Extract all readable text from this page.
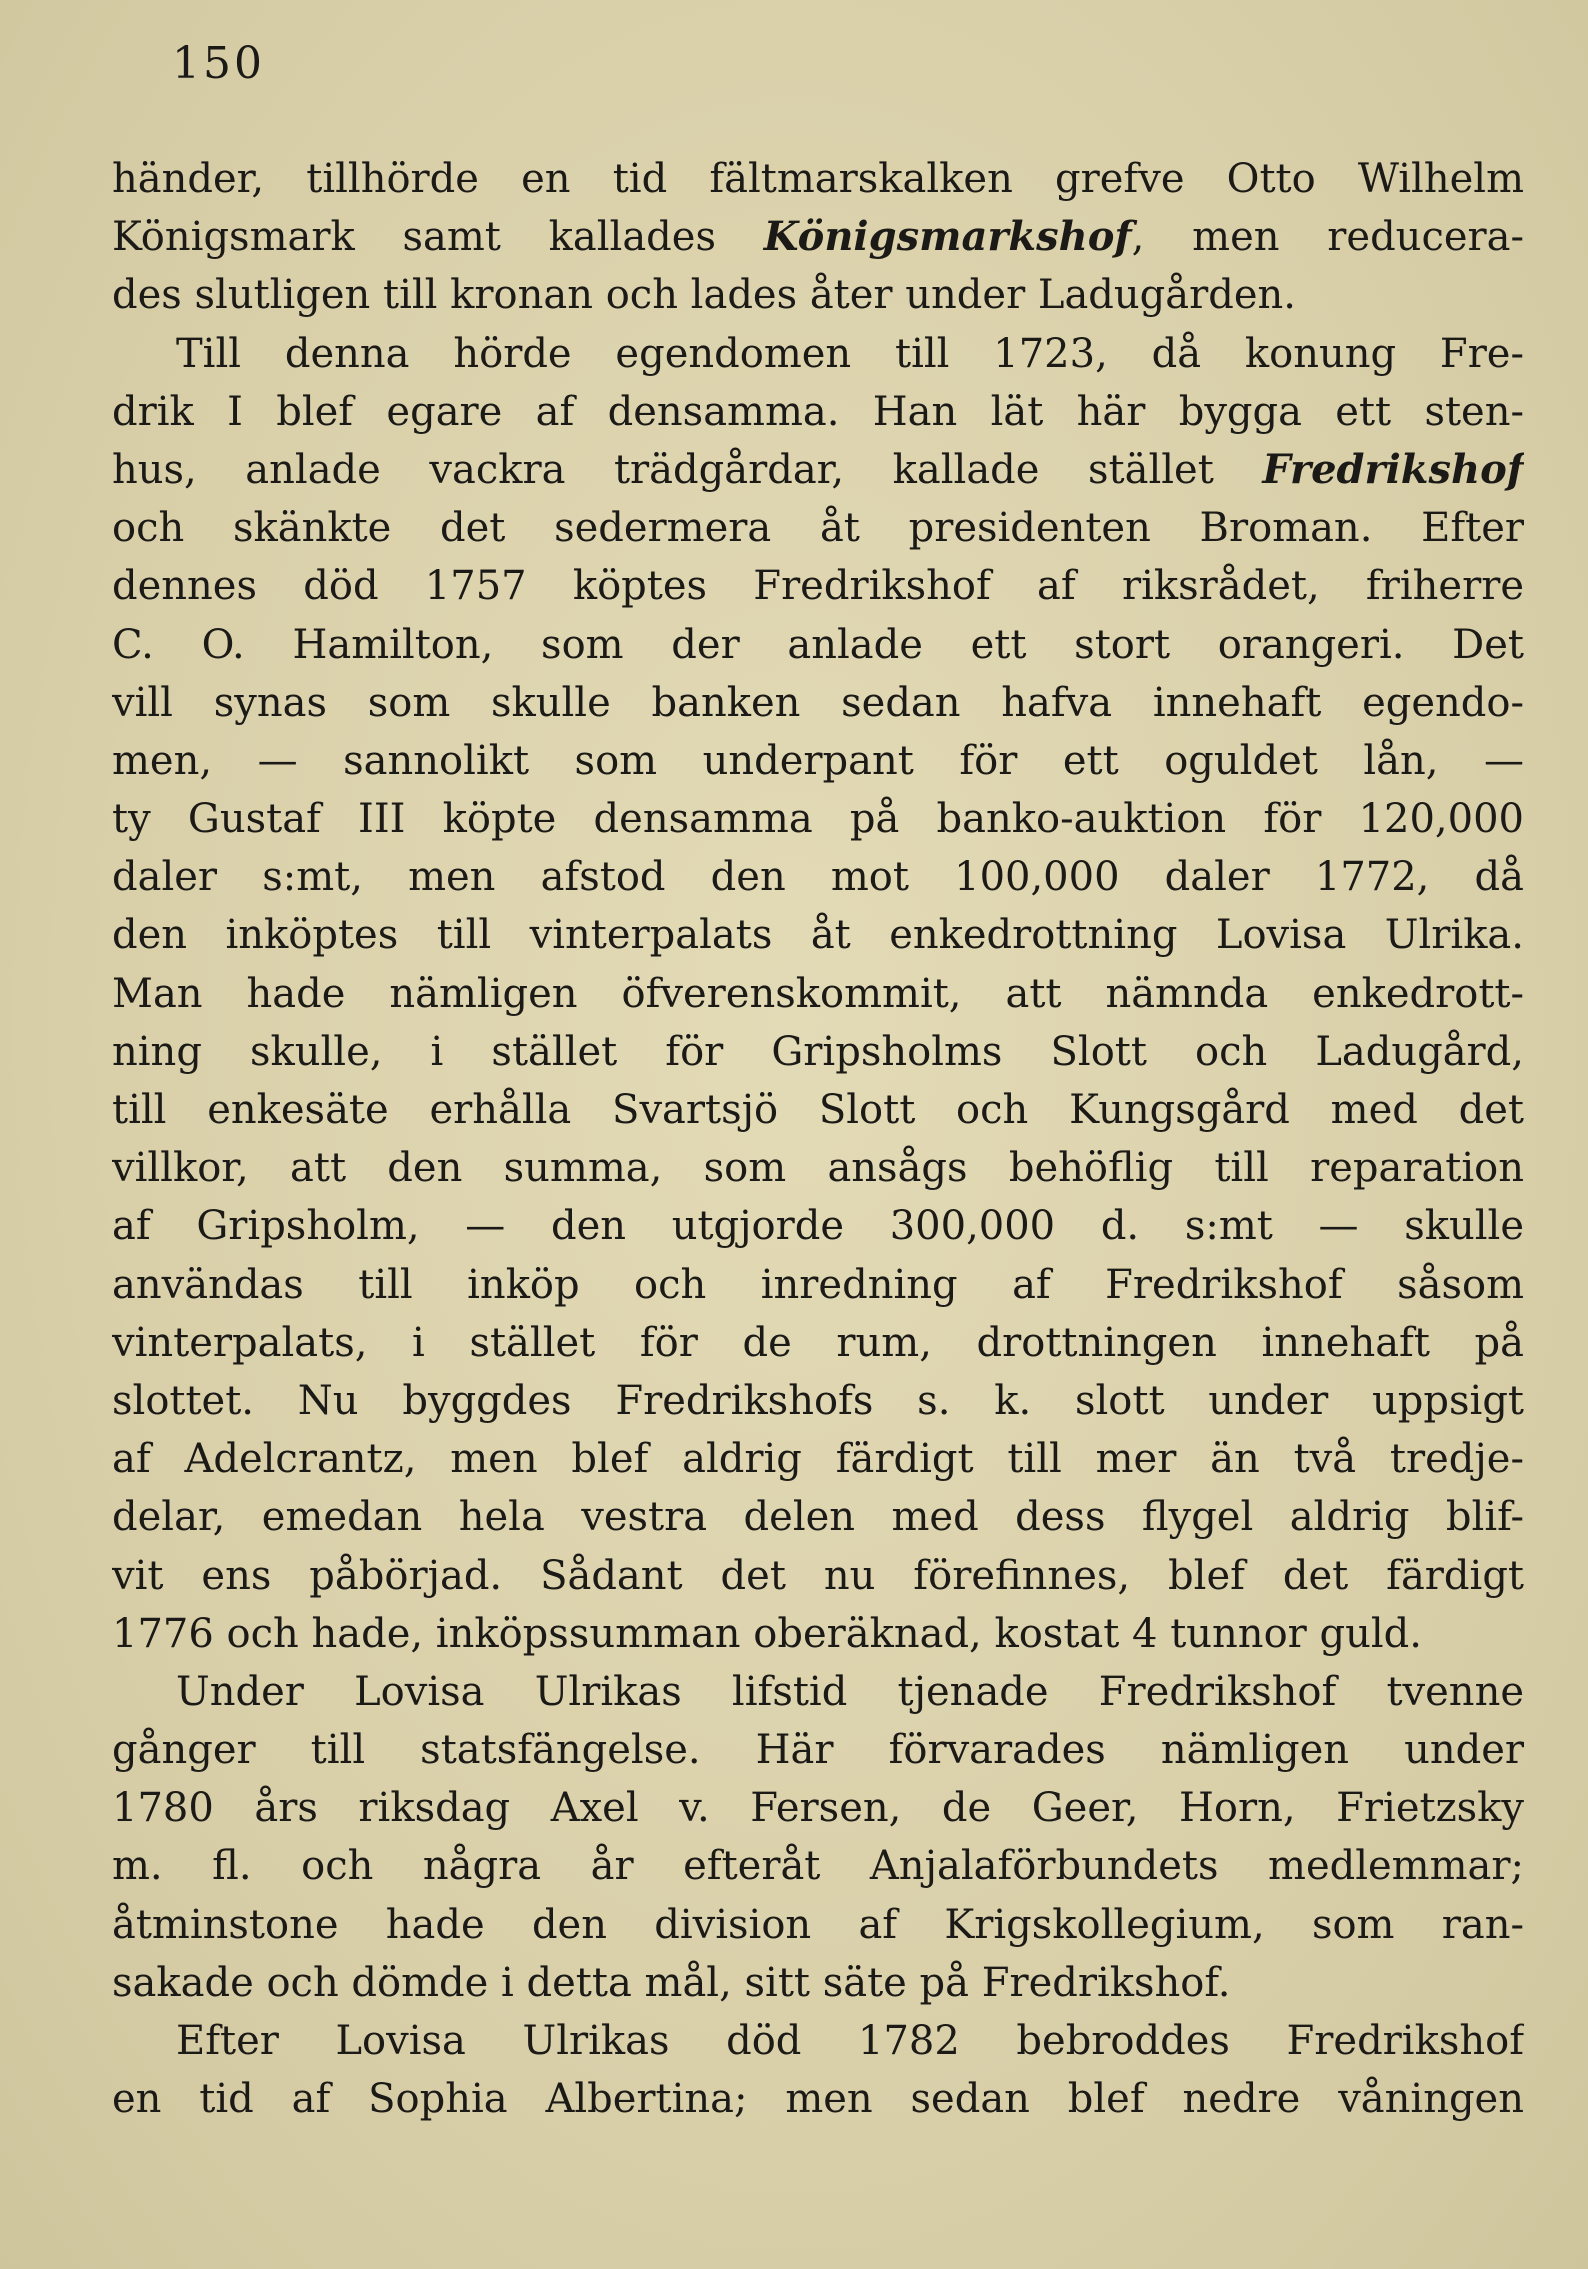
150
händer, tillhörde en tid fältmarskalken grefve Otto Wilhelm
Königsmark samt kallades Königsmarkshof, men reducera-
des slutligen till kronan och lades åter under Ladugården.
Till denna hörde egendomen till 1723, då konung Fre-
drik I blef egare af densamma. Han lät här bygga ett sten-
hus, anlade vackra trädgårdar, kallade stället Fredrikshof
och skänkte det sedermera åt presidenten Broman. Efter
dennes död 1757 köptes Fredrikshof af riksrådet, friherre
C. O. Hamilton, som der anlade ett stort orangeri. Det
vill synas som skulle banken sedan hafva innehaft egendo-
men, — sannolikt som underpant för ett oguldet lån, —
ty Gustaf III köpte densamma på banko-auktion för 120,000
daler s:mt, men afstod den mot 100,000 daler 1772, då
den inköptes till vinterpalats åt enkedrottning Lovisa Ulrika.
Man hade nämligen öfverenskommit, att nämnda enkedrott-
ning skulle, i stället för Gripsholms Slott och Ladugård,
till enkesäte erhålla Svartsjö Slott och Kungsgård med det
villkor, att den summa, som ansågs behöflig till reparation
af Gripsholm, — den utgjorde 300,000 d. s:mt — skulle
användas till inköp och inredning af Fredrikshof såsom
vinterpalats, i stället för de rum, drottningen innehaft på
slottet. Nu byggdes Fredrikshofs s. k. slott under uppsigt
af Adelcrantz, men blef aldrig färdigt till mer än två tredje-
delar, emedan hela vestra delen med dess flygel aldrig blif-
vit ens påbörjad. Sådant det nu förefinnes, blef det färdigt
1776 och hade, inköpssumman oberäknad, kostat 4 tunnor guld.
Under Lovisa Ulrikas lifstid tjenade Fredrikshof tvenne
gånger till statsfängelse. Här förvarades nämligen under
1780 års riksdag Axel v. Fersen, de Geer, Horn, Frietzsky
m. fl. och några år efteråt Anjalaförbundets medlemmar;
åtminstone hade den division af Krigskollegium, som ran-
sakade och dömde i detta mål, sitt säte på Fredrikshof.
Efter Lovisa Ulrikas död 1782 bebroddes Fredrikshof
en tid af Sophia Albertina; men sedan blef nedre våningen
